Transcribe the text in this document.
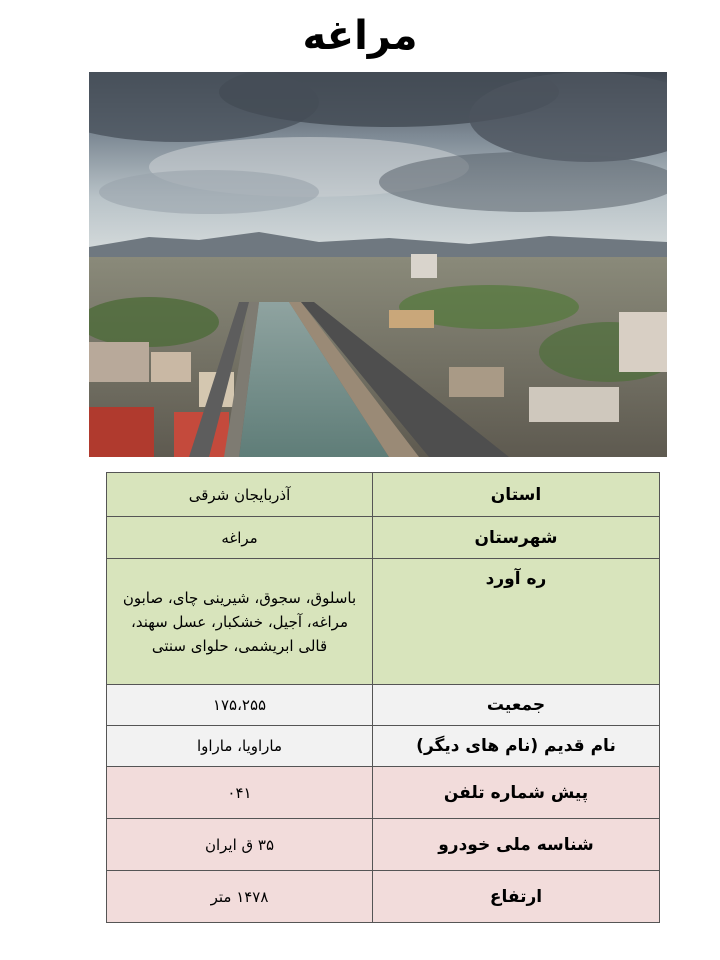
مراغه
استان	آذربایجان شرقی
شهرستان	مراغه
ره آورد	باسلوق، سجوق، شیرینی چای، صابون مراغه، آجیل، خشکبار، عسل سهند، قالی ابریشمی، حلوای سنتی
جمعیت	۱۷۵،۲۵۵
نام قدیم (نام های دیگر)	ماراویا، ماراوا
پیش شماره تلفن	۰۴۱
شناسه ملی خودرو	۳۵ ق ایران
ارتفاع	۱۴۷۸ متر
